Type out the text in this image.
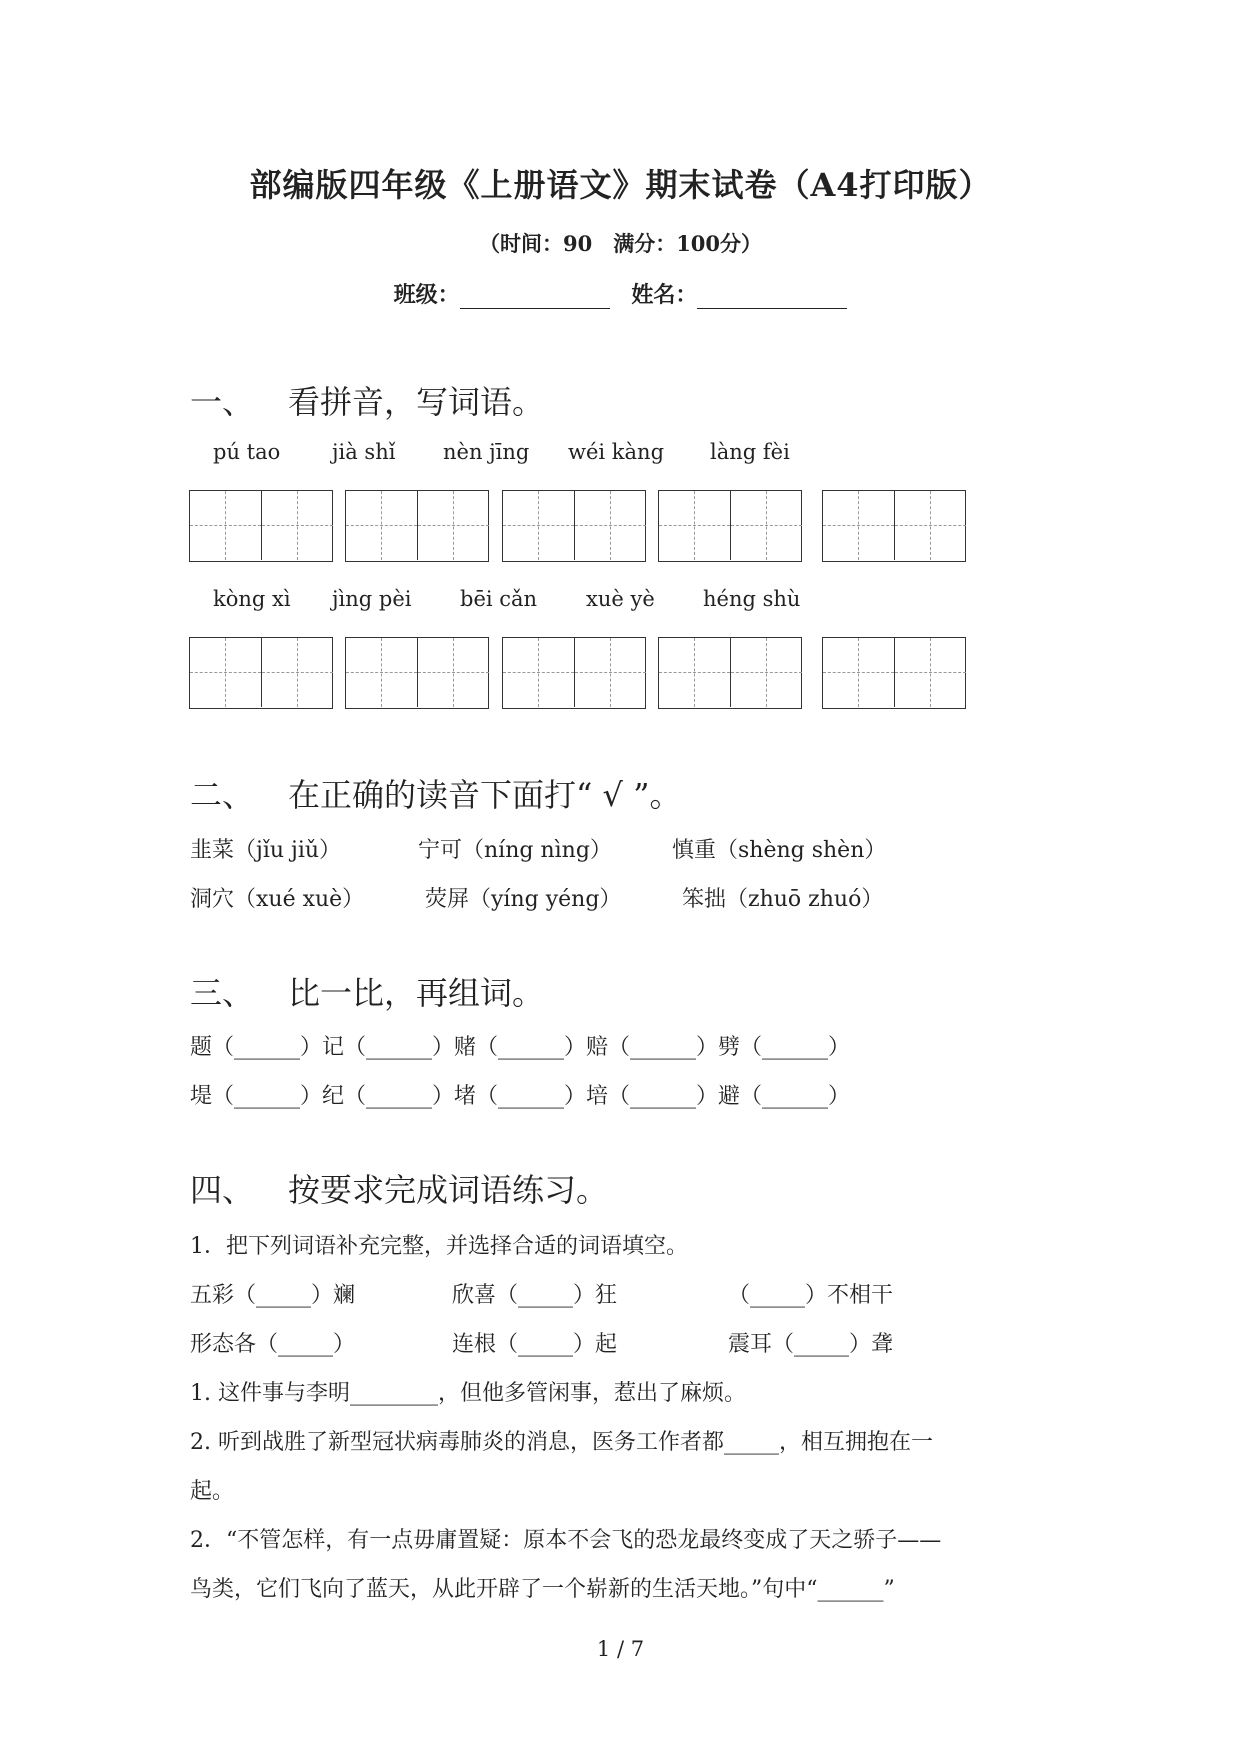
部编版四年级《上册语文》期末试卷（A4打印版）
（时间：90　满分：100分）
班级：	姓名：
一、 看拼音，写词语。
pú tao jià shǐ nèn jīng wéi kàng làng fèi
kòng xì jìng pèi bēi cǎn xuè yè héng shù
二、 在正确的读音下面打“ √ ”。
韭菜（jǐu jiǔ）	宁可（níng nìng）	慎重（shèng shèn）
洞穴（xué xuè）	荧屏（yíng yéng）	笨拙（zhuō zhuó）
三、 比一比，再组词。
题（______）记（______）赌（______）赔（______）劈（______）
堤（______）纪（______）堵（______）培（______）避（______）
四、 按要求完成词语练习。
1．把下列词语补充完整，并选择合适的词语填空。
五彩（_____）斓	欣喜（_____）狂	（_____）不相干
形态各（_____）	连根（_____）起	震耳（_____）聋
1. 这件事与李明________，但他多管闲事，惹出了麻烦。
2. 听到战胜了新型冠状病毒肺炎的消息，医务工作者都_____，相互拥抱在一
起。
2．“不管怎样，有一点毋庸置疑：原本不会飞的恐龙最终变成了天之骄子——
鸟类，它们飞向了蓝天，从此开辟了一个崭新的生活天地。”句中“______”
1 / 7
